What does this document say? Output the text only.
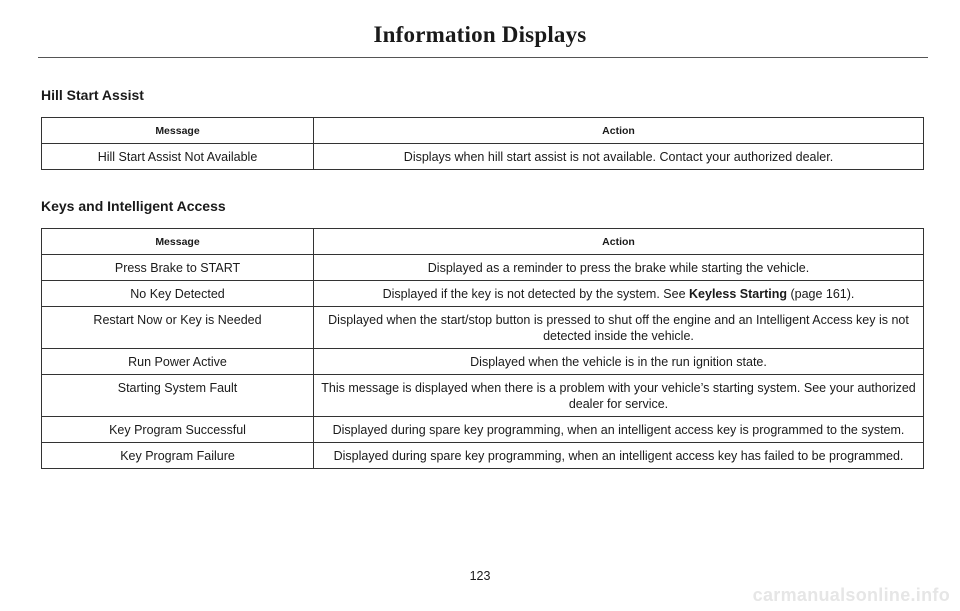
Information Displays
Hill Start Assist
Message	Action
Hill Start Assist Not Available	Displays when hill start assist is not available. Contact your authorized dealer.
Keys and Intelligent Access
Message	Action
Press Brake to START	Displayed as a reminder to press the brake while starting the vehicle.
No Key Detected	Displayed if the key is not detected by the system. See Keyless Starting (page 161).
Restart Now or Key is Needed	Displayed when the start/stop button is pressed to shut off the engine and an Intelligent Access key is not detected inside the vehicle.
Run Power Active	Displayed when the vehicle is in the run ignition state.
Starting System Fault	This message is displayed when there is a problem with your vehicle’s starting system. See your authorized dealer for service.
Key Program Successful	Displayed during spare key programming, when an intelligent access key is programmed to the system.
Key Program Failure	Displayed during spare key programming, when an intelligent access key has failed to be programmed.
123
carmanualsonline.info
